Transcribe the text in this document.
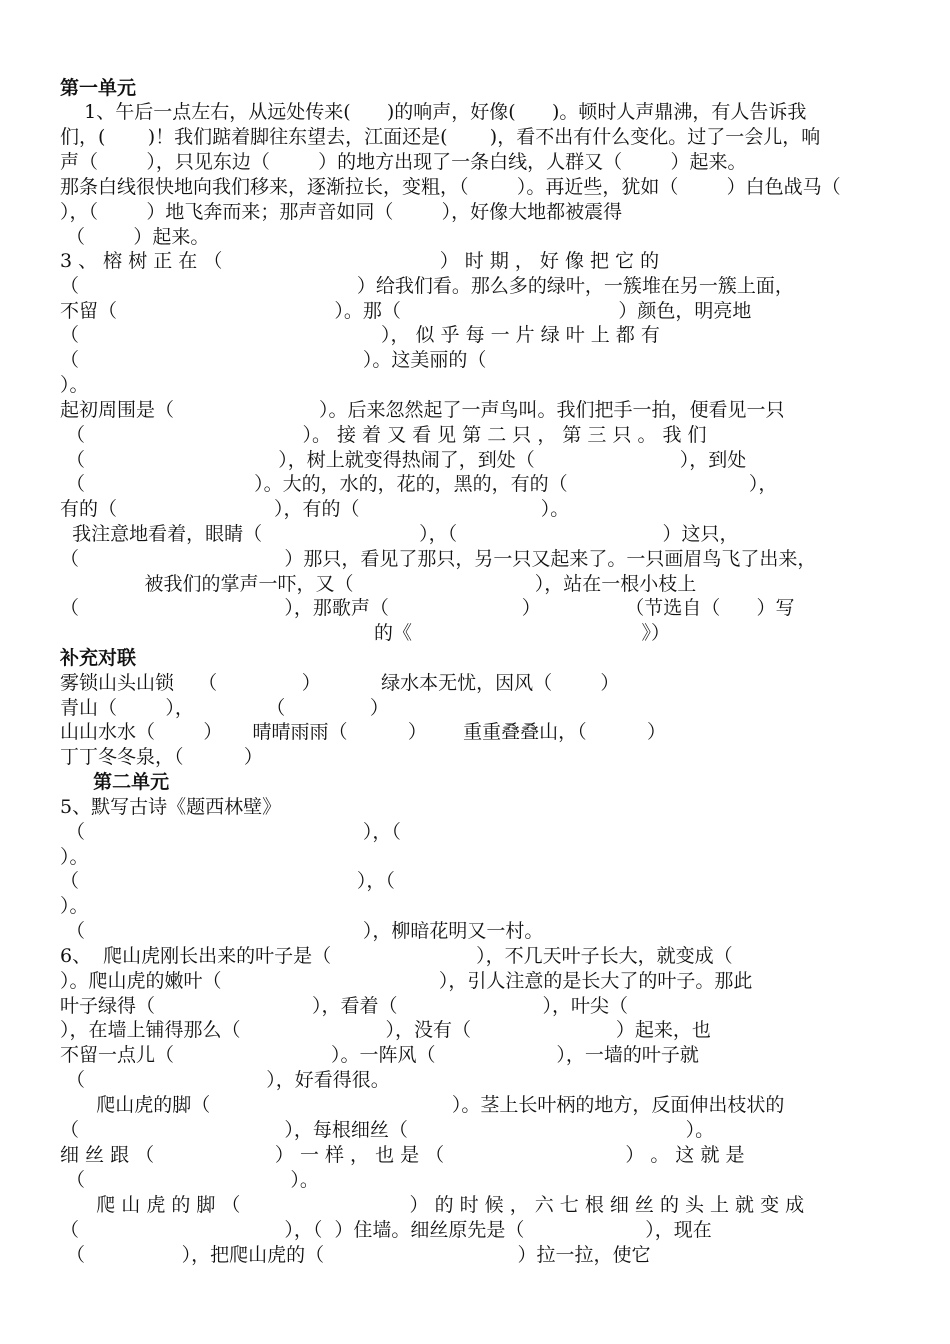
第一单元
1、午后一点左右，从远处传来(      )的响声，好像(      )。顿时人声鼎沸，有人告诉我
们，(       )！我们踮着脚往东望去，江面还是(       )，看不出有什么变化。过了一会儿，响
声（        ），只见东边（        ）的地方出现了一条白线，人群又（        ）起来。
那条白线很快地向我们移来，逐渐拉长，变粗，（        ）。再近些，犹如（        ）白色战马（
），（        ）地飞奔而来；那声音如同（        ），好像大地都被震得
（        ）起来。
3 、 榕 树 正 在 （                                    ） 时 期 ， 好 像 把 它 的
（                                              ）给我们看。那么多的绿叶，一簇堆在另一簇上面，
不留（                                    ）。那（                                    ）颜色，明亮地
（                                                  ）， 似 乎 每 一 片 绿 叶 上 都 有
（                                               ）。这美丽的（
）。
起初周围是（                        ）。后来忽然起了一声鸟叫。我们把手一拍，便看见一只
（                                    ）。 接 着 又 看 见 第 二 只 ， 第 三 只 。 我 们
（                                ），树上就变得热闹了，到处（                        ），到处
（                            ）。大的，水的，花的，黑的，有的（                              ），
有的（                          ），有的（                              ）。
我注意地看着，眼睛（                          ），（                                  ）这只，
（                                  ）那只，看见了那只，另一只又起来了。一只画眉鸟飞了出来，
被我们的掌声一吓，又（                              ），站在一根小枝上
（                                  ），那歌声（                      ）              （节选自（      ）写
的《                                      》）
补充对联
雾锁山头山锁    （              ）          绿水本无忧，因风（        ）
青山（        ），            （              ）
山山水水（        ）     晴晴雨雨（          ）      重重叠叠山，（          ）
丁丁冬冬泉，（          ）
第二单元
5、默写古诗《题西林壁》
（                                              ），（
）。
（                                              ），（
）。
（                                              ），柳暗花明又一村。
6、  爬山虎刚长出来的叶子是（                        ），不几天叶子长大，就变成（
）。爬山虎的嫩叶（                                    ），引人注意的是长大了的叶子。那此
叶子绿得（                          ），看着（                        ），叶尖（
），在墙上铺得那么（                        ），没有（                        ）起来，也
不留一点儿（                          ）。一阵风（                    ），一墙的叶子就
（                              ），好看得很。
爬山虎的脚（                                        ）。茎上长叶柄的地方，反面伸出枝状的
（                                  ），每根细丝（                                              ）。
细 丝 跟 （                    ） 一 样 ， 也 是 （                              ） 。 这 就 是
（                                  ）。
爬 山 虎 的 脚 （                            ） 的 时 候 ， 六 七 根 细 丝 的 头 上 就 变 成
（                                  ），（  ）住墙。细丝原先是（                    ），现在
（                ），把爬山虎的（                                ）拉一拉，使它
